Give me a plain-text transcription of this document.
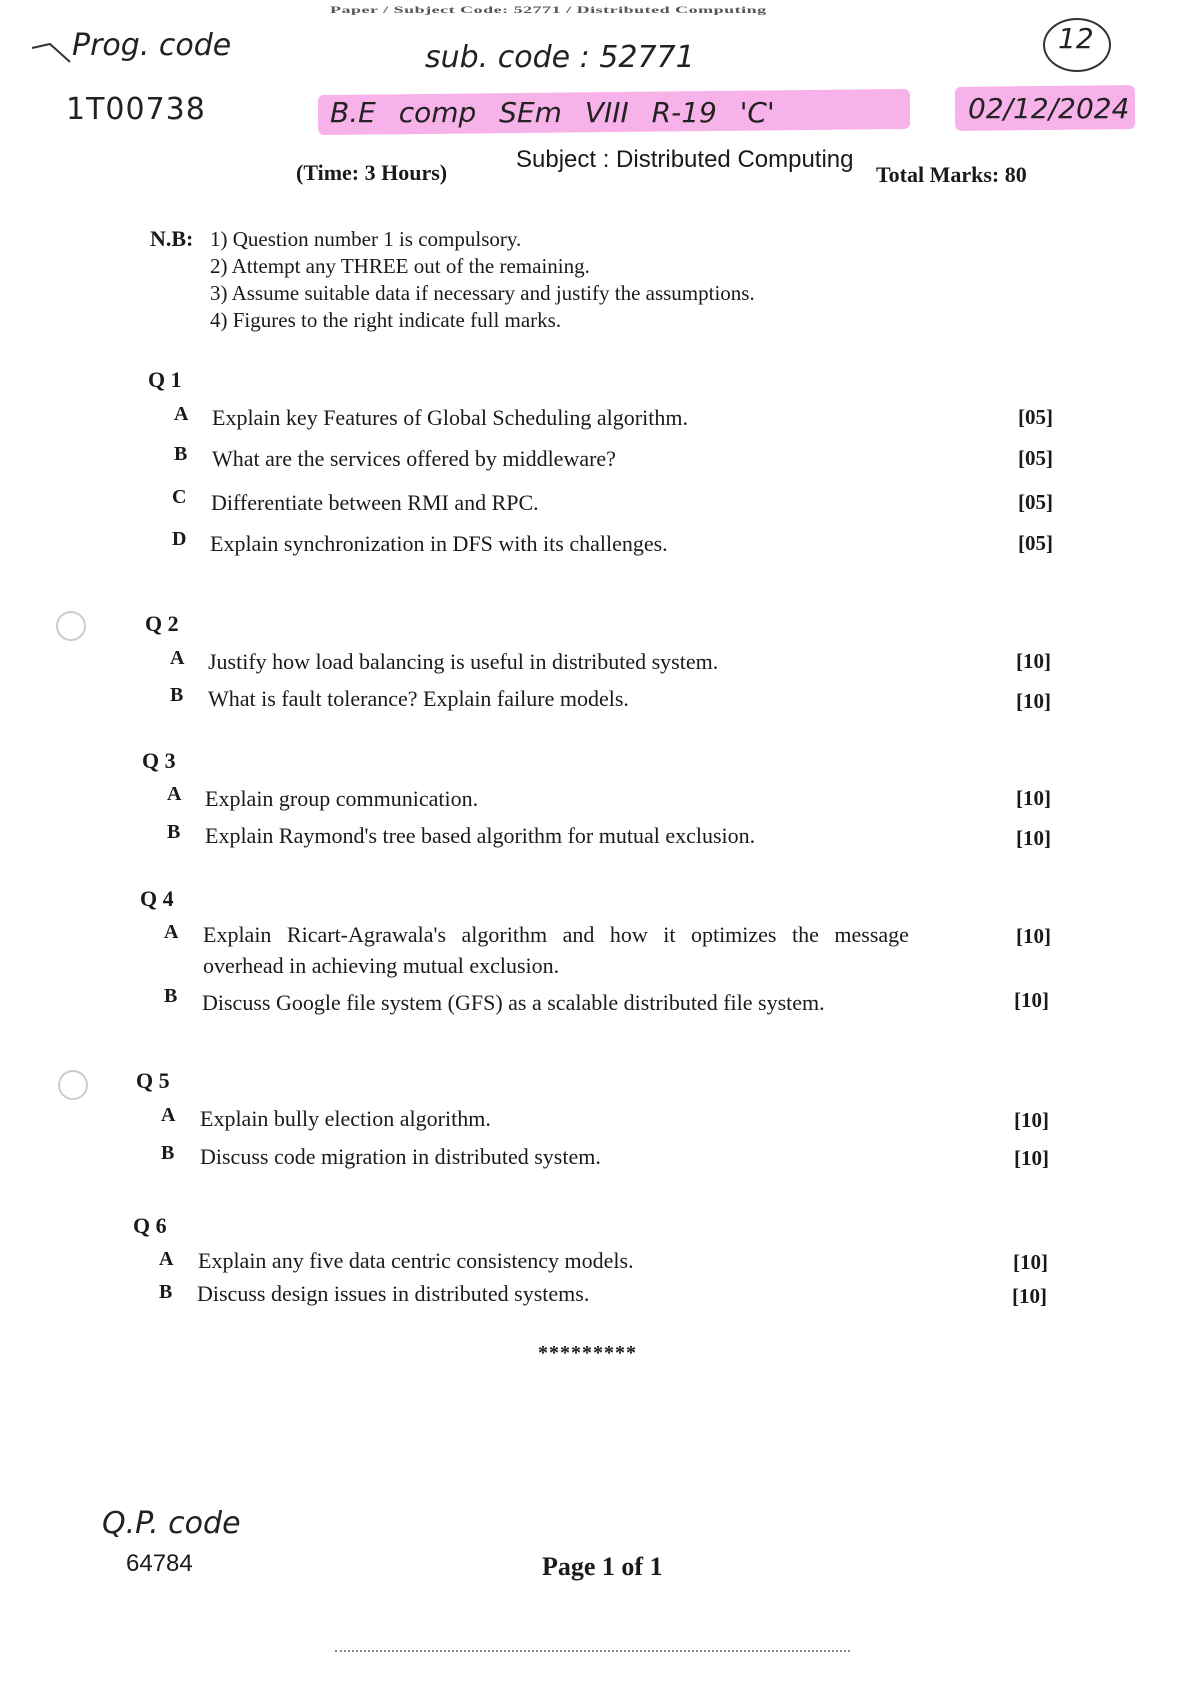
Paper / Subject Code: 52771 / Distributed Computing
12
Prog. code
1T00738
sub. code : 52771
B.E comp SEm VIII R-19 'C'	02/12/2024
(Time: 3 Hours)	Subject : Distributed Computing
Total Marks: 80
N.B: 1) Question number 1 is compulsory.
2) Attempt any THREE out of the remaining.
3) Assume suitable data if necessary and justify the assumptions.
4) Figures to the right indicate full marks.
Q 1
A Explain key Features of Global Scheduling algorithm.	[05]
B What are the services offered by middleware?	[05]
C Differentiate between RMI and RPC.	[05]
D Explain synchronization in DFS with its challenges.	[05]
Q 2
A Justify how load balancing is useful in distributed system.	[10]
B What is fault tolerance? Explain failure models.	[10]
Q 3
A Explain group communication.	[10]
B Explain Raymond's tree based algorithm for mutual exclusion.	[10]
Q 4
A Explain Ricart-Agrawala's algorithm and how it optimizes the message
overhead in achieving mutual exclusion.
[10]
B Discuss Google file system (GFS) as a scalable distributed file system.	[10]
Q 5
A Explain bully election algorithm.	[10]
B Discuss code migration in distributed system.	[10]
Q 6
A Explain any five data centric consistency models.	[10]
B Discuss design issues in distributed systems.	[10]
*********
Q.P. code
64784	Page 1 of 1
